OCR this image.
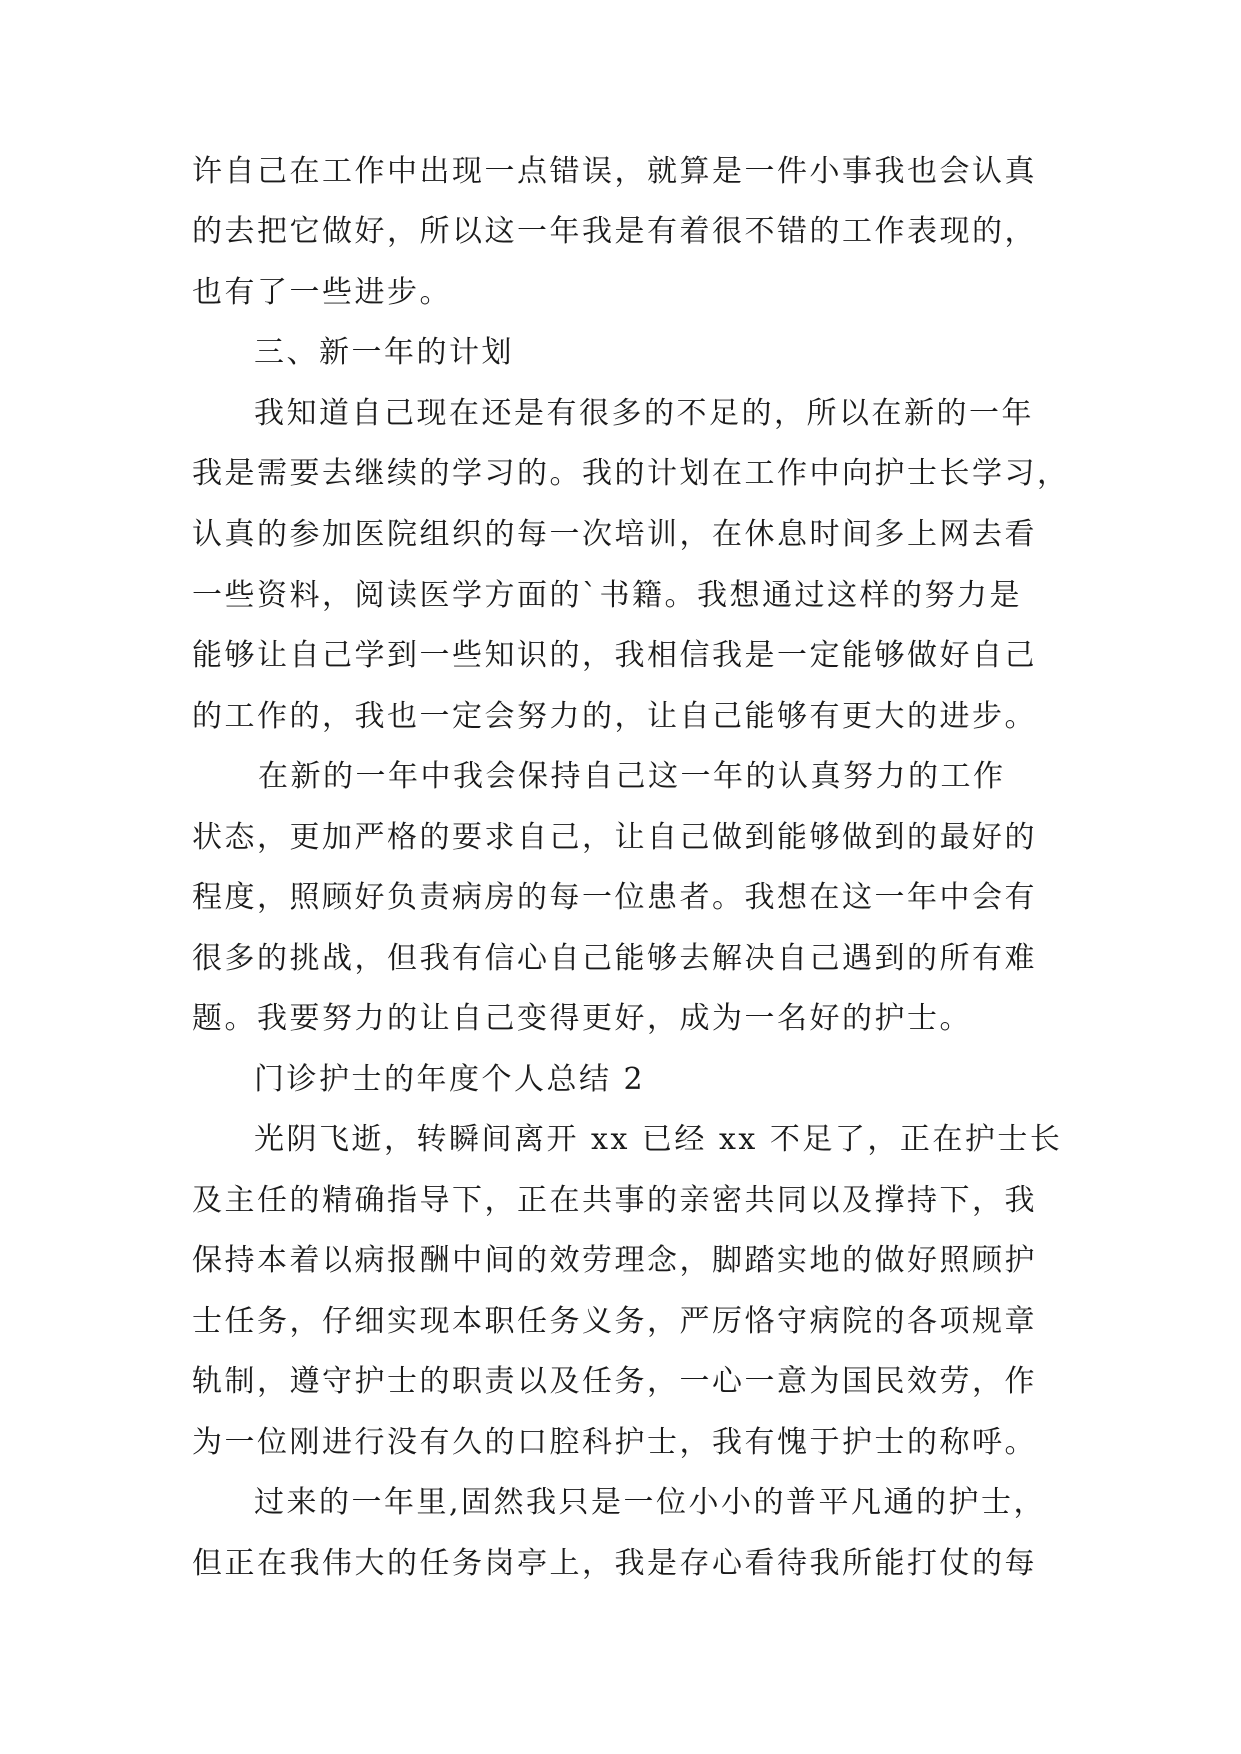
许自己在工作中出现一点错误，就算是一件小事我也会认真
的去把它做好，所以这一年我是有着很不错的工作表现的，
也有了一些进步。
三、新一年的计划
我知道自己现在还是有很多的不足的，所以在新的一年
我是需要去继续的学习的。我的计划在工作中向护士长学习，
认真的参加医院组织的每一次培训，在休息时间多上网去看
一些资料，阅读医学方面的`书籍。我想通过这样的努力是
能够让自己学到一些知识的，我相信我是一定能够做好自己
的工作的，我也一定会努力的，让自己能够有更大的进步。
在新的一年中我会保持自己这一年的认真努力的工作
状态，更加严格的要求自己，让自己做到能够做到的最好的
程度，照顾好负责病房的每一位患者。我想在这一年中会有
很多的挑战，但我有信心自己能够去解决自己遇到的所有难
题。我要努力的让自己变得更好，成为一名好的护士。
门诊护士的年度个人总结 2
光阴飞逝，转瞬间离开 xx 已经 xx 不足了，正在护士长
及主任的精确指导下，正在共事的亲密共同以及撑持下，我
保持本着以病报酬中间的效劳理念，脚踏实地的做好照顾护
士任务，仔细实现本职任务义务，严厉恪守病院的各项规章
轨制，遵守护士的职责以及任务，一心一意为国民效劳，作
为一位刚进行没有久的口腔科护士，我有愧于护士的称呼。
过来的一年里,固然我只是一位小小的普平凡通的护士，
但正在我伟大的任务岗亭上，我是存心看待我所能打仗的每
